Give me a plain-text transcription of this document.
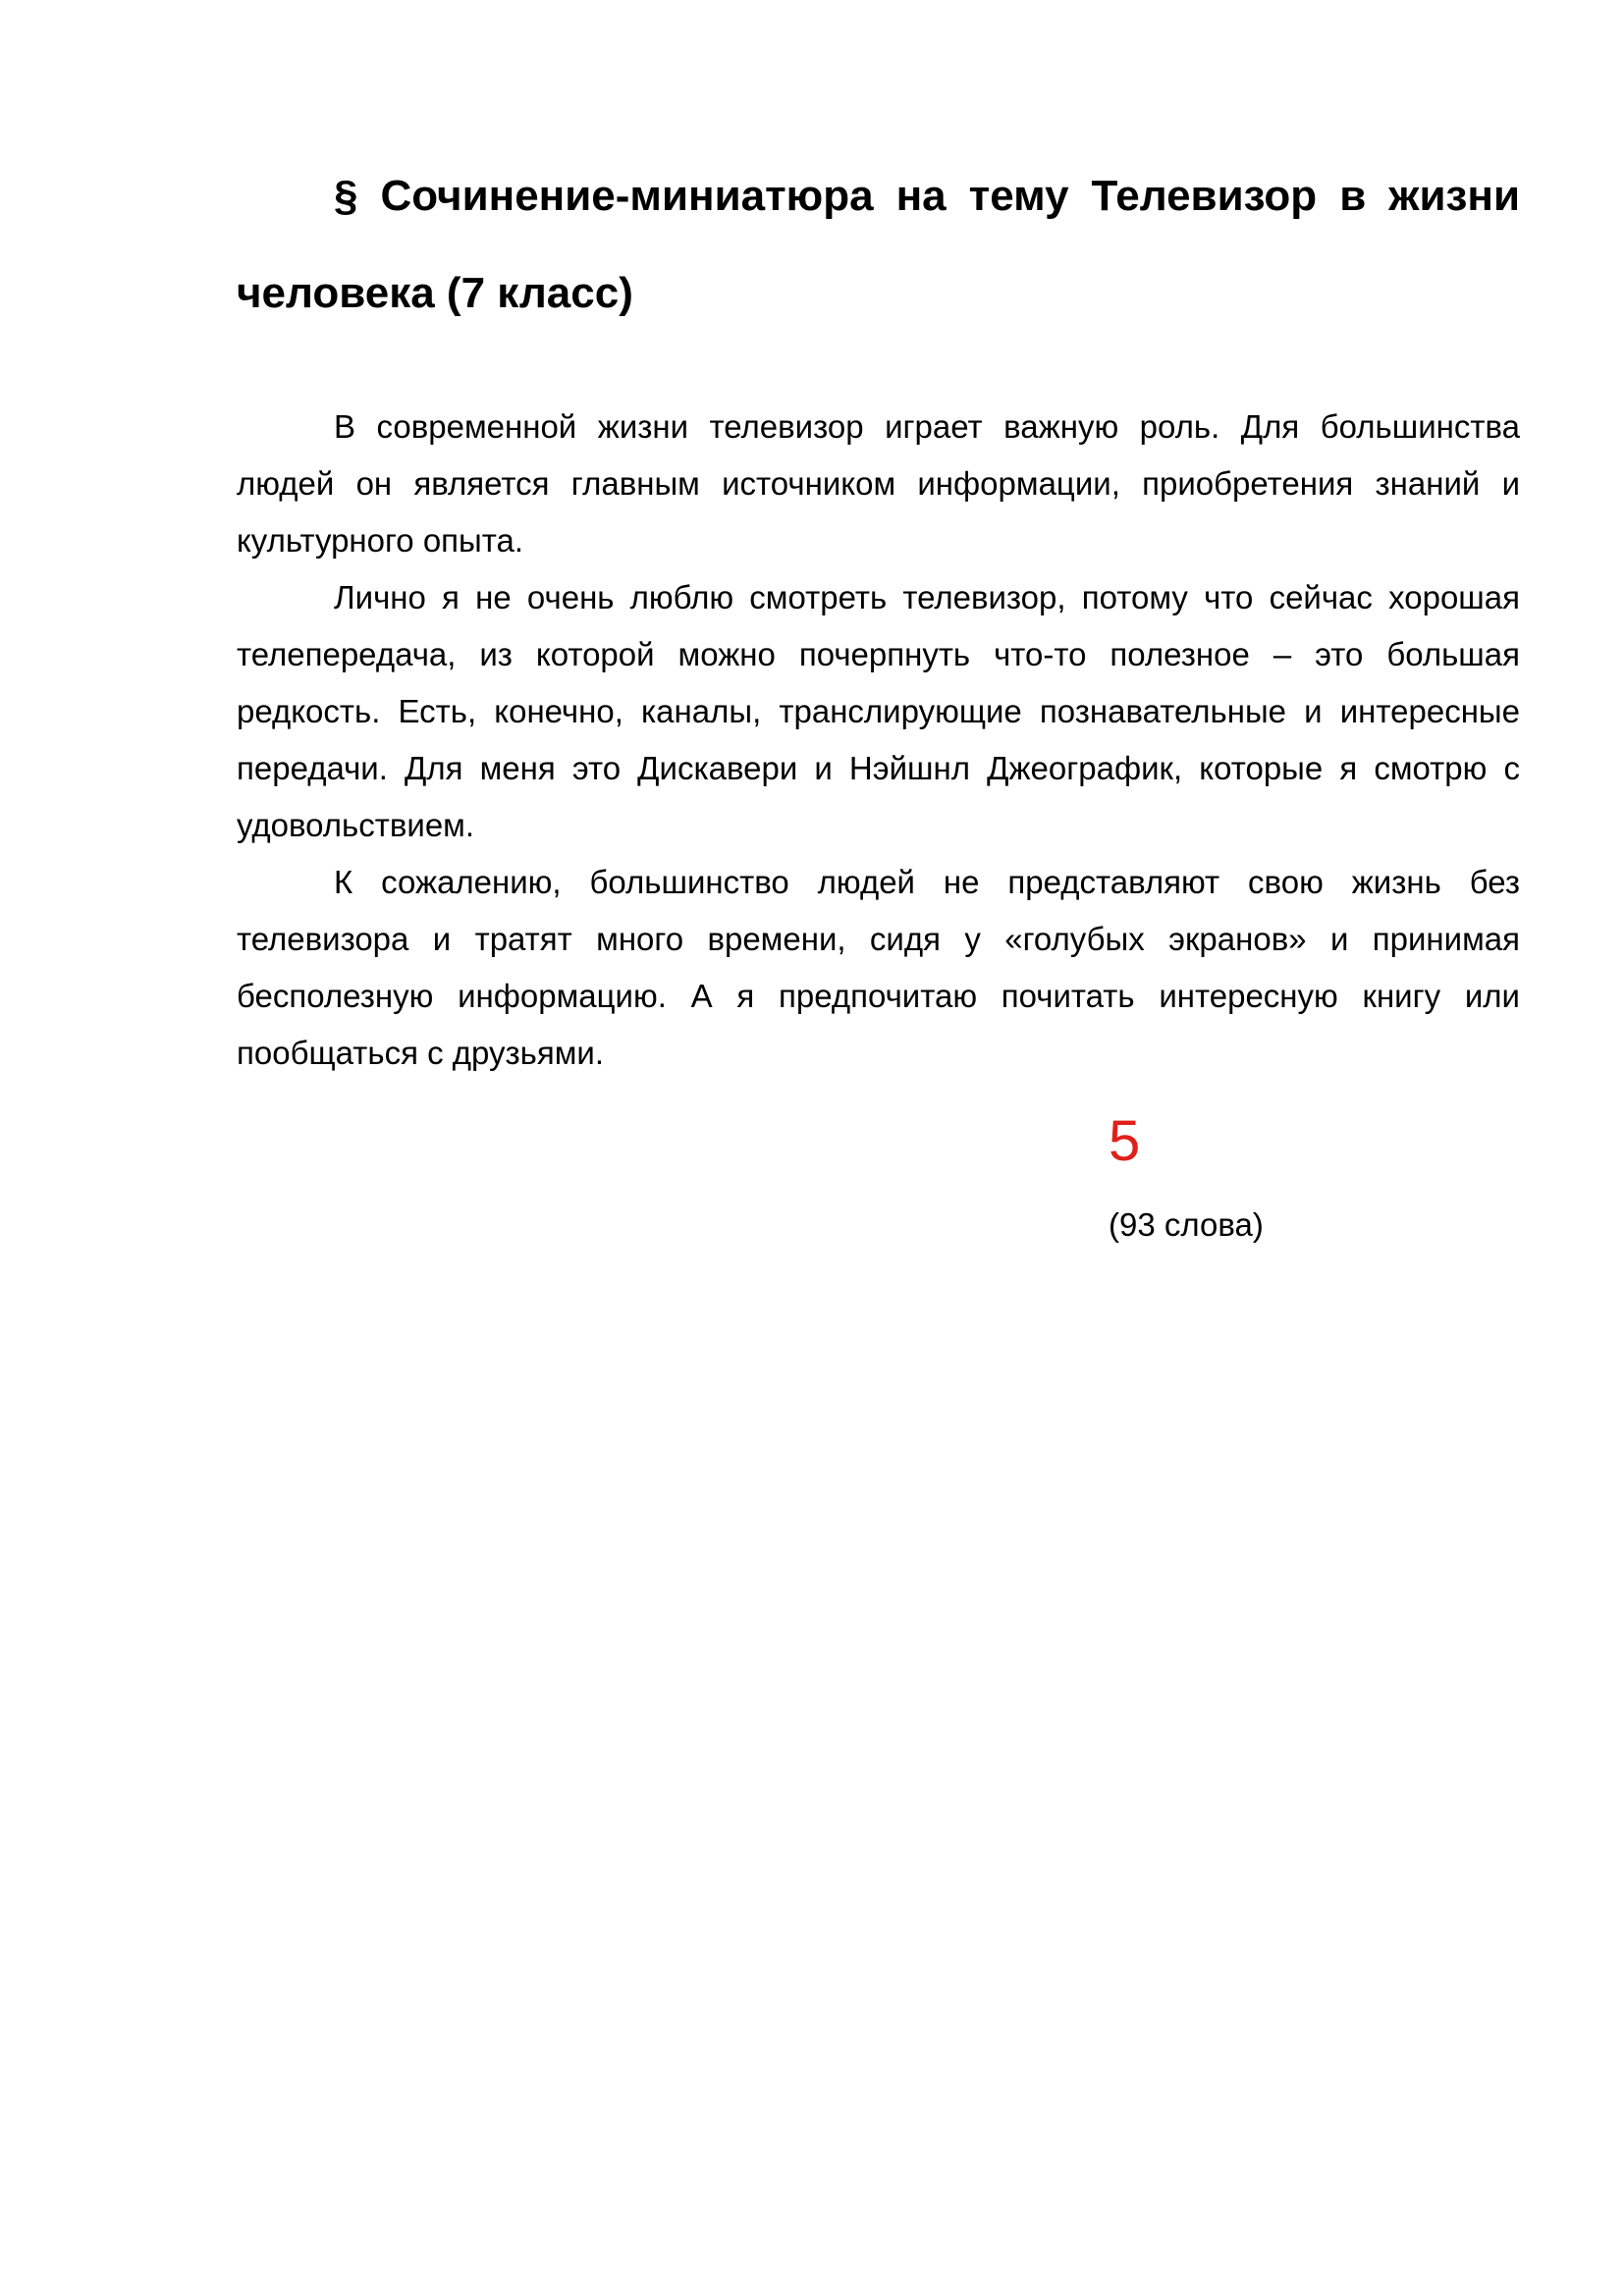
§ Сочинение-миниатюра на тему Телевизор в жизни человека (7 класс)

В современной жизни телевизор играет важную роль. Для большинства людей он является главным источником информации, приобретения знаний и культурного опыта.

Лично я не очень люблю смотреть телевизор, потому что сейчас хорошая телепередача, из которой можно почерпнуть что-то полезное – это большая редкость. Есть, конечно, каналы, транслирующие познавательные и интересные передачи. Для меня это Дискавери и Нэйшнл Джеографик, которые я смотрю с удовольствием.

К сожалению, большинство людей не представляют свою жизнь без телевизора и тратят много времени, сидя у «голубых экранов» и принимая бесполезную информацию. А я предпочитаю почитать интересную книгу или пообщаться с друзьями.

5
(93 слова)
